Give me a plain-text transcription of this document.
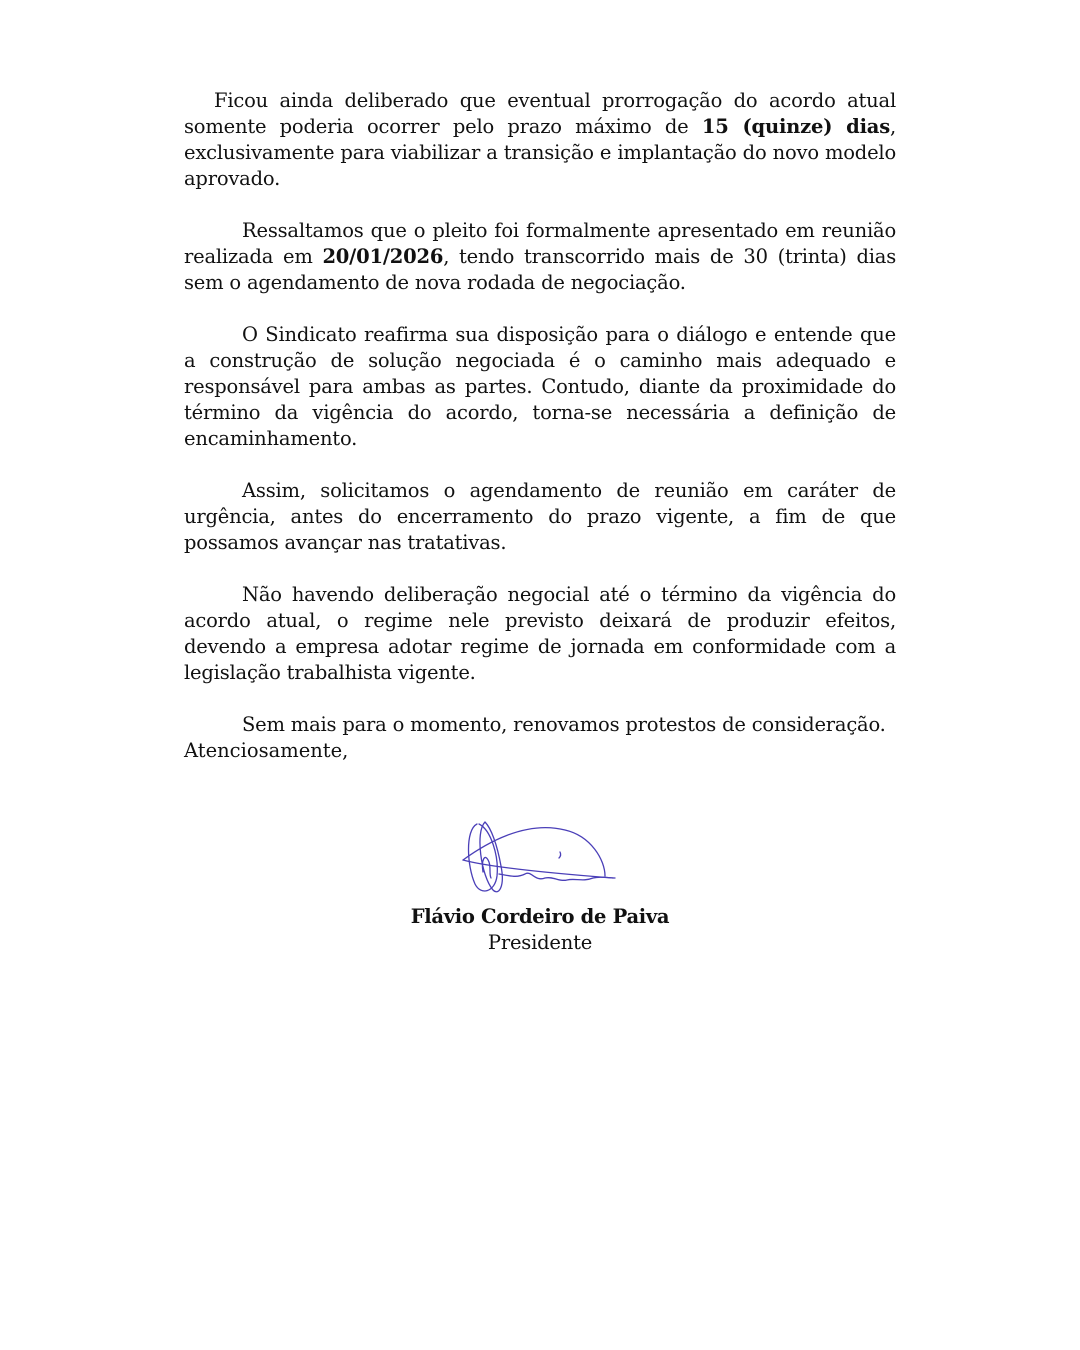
Ficou ainda deliberado que eventual prorrogação do acordo atual somente poderia ocorrer pelo prazo máximo de 15 (quinze) dias, exclusivamente para viabilizar a transição e implantação do novo modelo aprovado.

Ressaltamos que o pleito foi formalmente apresentado em reunião realizada em 20/01/2026, tendo transcorrido mais de 30 (trinta) dias sem o agendamento de nova rodada de negociação.

O Sindicato reafirma sua disposição para o diálogo e entende que a construção de solução negociada é o caminho mais adequado e responsável para ambas as partes. Contudo, diante da proximidade do término da vigência do acordo, torna-se necessária a definição de encaminhamento.

Assim, solicitamos o agendamento de reunião em caráter de urgência, antes do encerramento do prazo vigente, a fim de que possamos avançar nas tratativas.

Não havendo deliberação negocial até o término da vigência do acordo atual, o regime nele previsto deixará de produzir efeitos, devendo a empresa adotar regime de jornada em conformidade com a legislação trabalhista vigente.

Sem mais para o momento, renovamos protestos de consideração.

Atenciosamente,

Flávio Cordeiro de Paiva
Presidente
